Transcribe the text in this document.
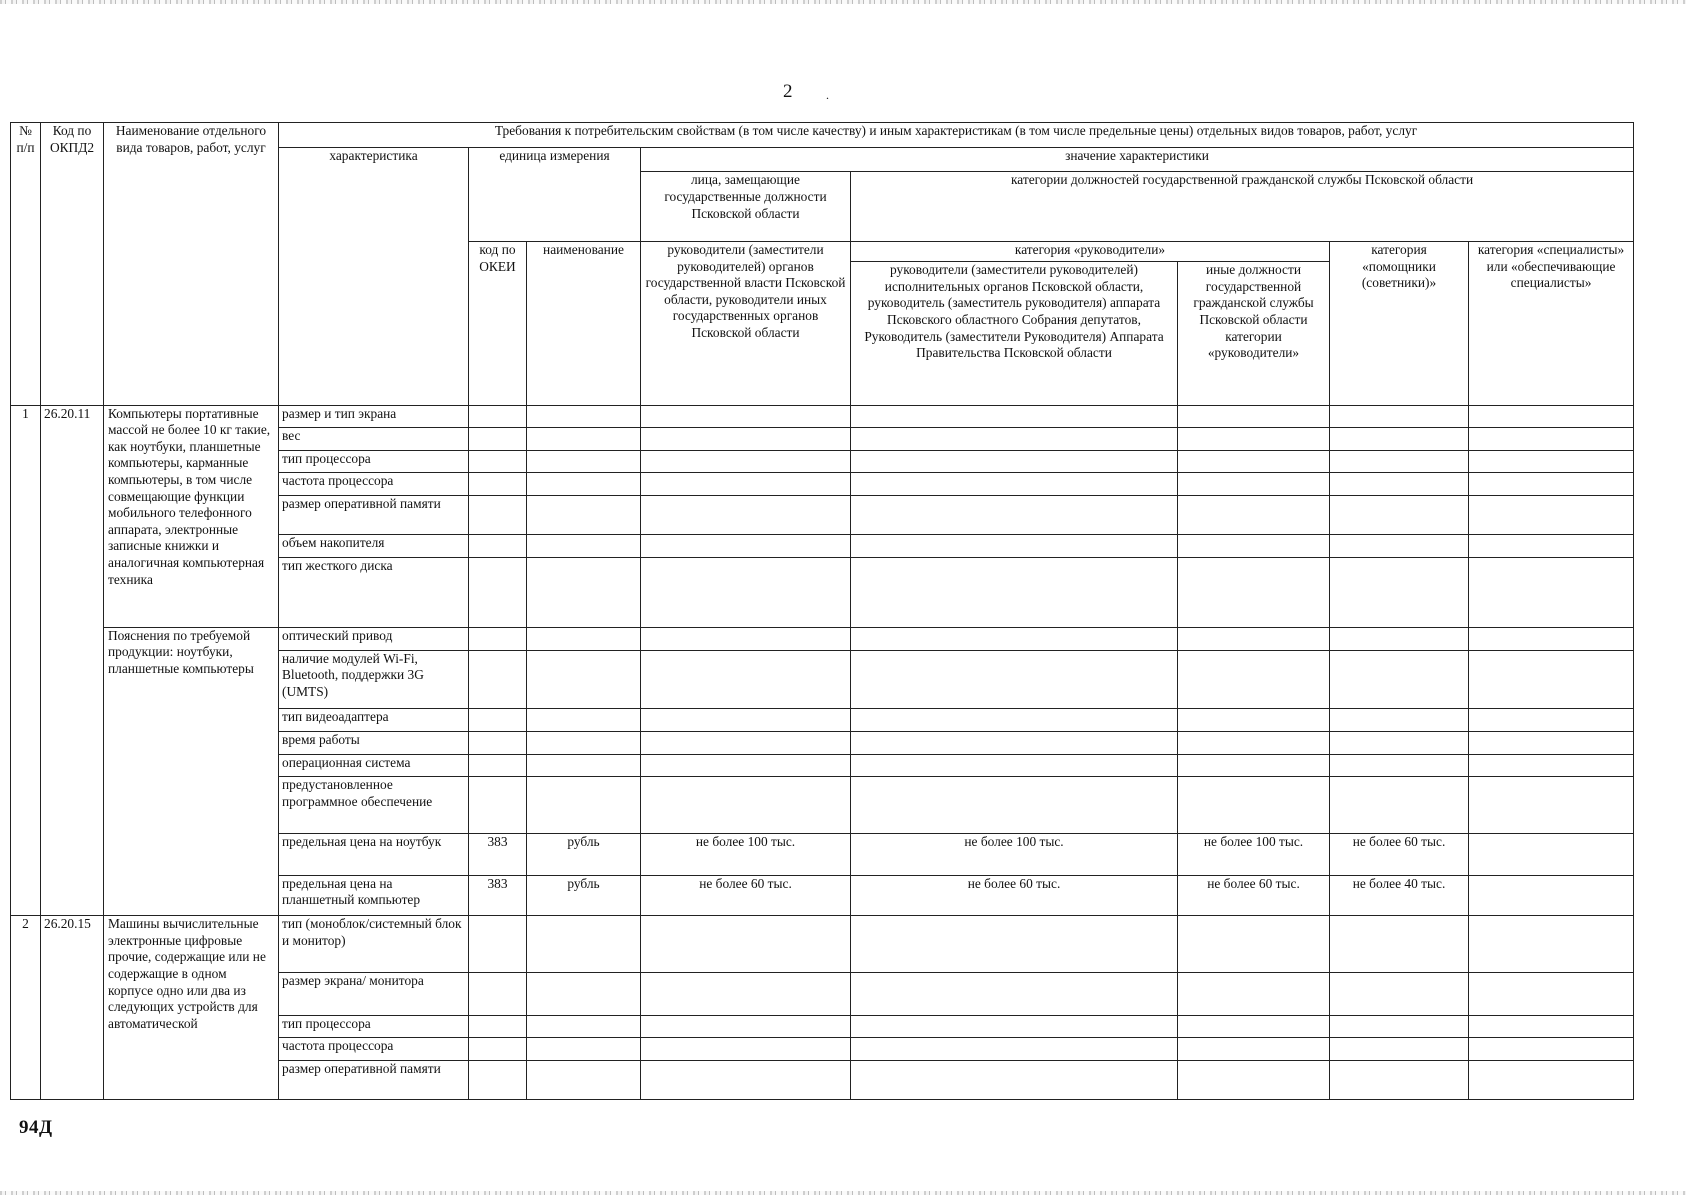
2	.
№ п/п	Код по ОКПД2	Наименование отдельного вида товаров, работ, услуг	Требования к потребительским свойствам (в том числе качеству) и иным характеристикам (в том числе предельные цены) отдельных видов товаров, работ, услуг							
			характеристика	единица измерения		значение характеристики				
						лица, замещающие государственные должности Псковской области	категории должностей государственной гражданской службы Псковской области			
				код по ОКЕИ	наименование	руководители (заместители руководителей) органов государственной власти Псковской области, руководители иных государственных органов Псковской области	категория «руководители»		категория «помощники (советники)»	категория «специалисты» или «обеспечивающие специалисты»
							руководители (заместители руководителей) исполнительных органов Псковской области, руководитель (заместитель руководителя) аппарата Псковского областного Собрания депутатов, Руководитель (заместители Руководителя) Аппарата Правительства Псковской области	иные должности государственной гражданской службы Псковской области категории «руководители»		
1	26.20.11	Компьютеры портативные массой не более 10 кг такие, как ноутбуки, планшетные компьютеры, карманные компьютеры, в том числе совмещающие функции мобильного телефонного аппарата, электронные записные книжки и аналогичная компьютерная техника	размер и тип экрана							
			вес							
			тип процессора							
			частота процессора							
			размер оперативной памяти							
			объем накопителя							
			тип жесткого диска							
		Пояснения по требуемой продукции: ноутбуки, планшетные компьютеры	оптический привод							
			наличие модулей Wi-Fi, Bluetooth, поддержки 3G (UMTS)							
			тип видеоадаптера							
			время работы							
			операционная система							
			предустановленное программное обеспечение							
			предельная цена на ноутбук	383	рубль	не более 100 тыс.	не более 100 тыс.	не более 100 тыс.	не более 60 тыс.	
			предельная цена на планшетный компьютер	383	рубль	не более 60 тыс.	не более 60 тыс.	не более 60 тыс.	не более 40 тыс.	
2	26.20.15	Машины вычислительные электронные цифровые прочие, содержащие или не содержащие в одном корпусе одно или два из следующих устройств для автоматической	тип (моноблок/системный блок и монитор)							
			размер экрана/ монитора							
			тип процессора							
			частота процессора							
			размер оперативной памяти							
94Д
